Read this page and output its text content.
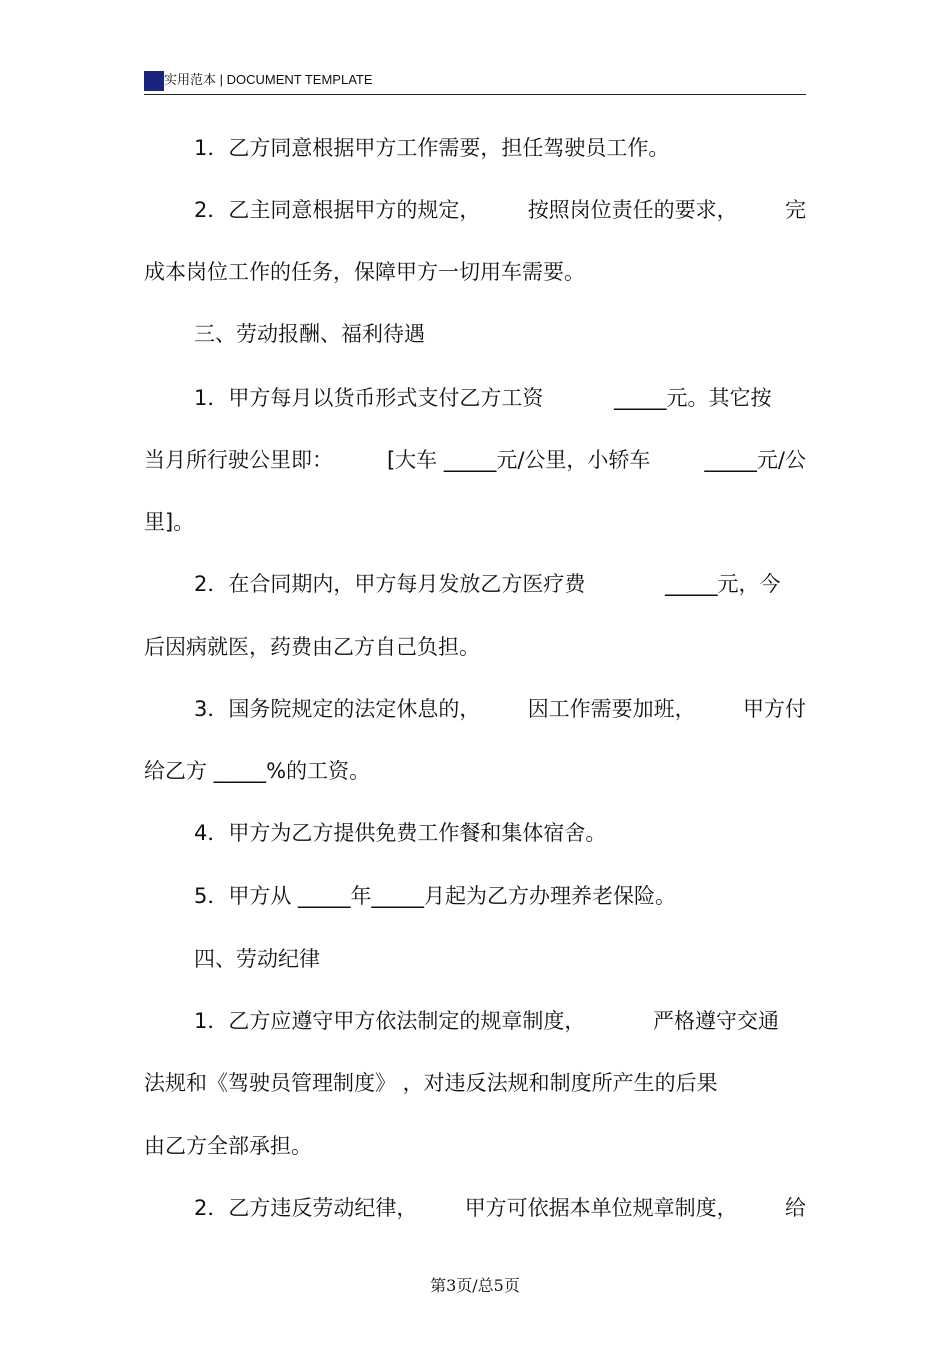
实用范本 | DOCUMENT TEMPLATE
1．乙方同意根据甲方工作需要，担任驾驶员工作。
2．乙主同意根据甲方的规定， 按照岗位责任的要求， 完
成本岗位工作的任务，保障甲方一切用车需要。
三、劳动报酬、福利待遇
1．甲方每月以货币形式支付乙方工资	_____元。其它按
当月所行驶公里即：	[大车 _____元/公里，小轿车	_____元/公
里]。
2．在合同期内，甲方每月发放乙方医疗费	_____元，今
后因病就医，药费由乙方自己负担。
3．国务院规定的法定休息的， 因工作需要加班， 甲方付
给乙方 _____%的工资。
4．甲方为乙方提供免费工作餐和集体宿舍。
5．甲方从 _____年_____月起为乙方办理养老保险。
四、劳动纪律
1．乙方应遵守甲方依法制定的规章制度，	严格遵守交通
法规和《驾驶员管理制度》 ，对违反法规和制度所产生的后果
由乙方全部承担。
2．乙方违反劳动纪律， 甲方可依据本单位规章制度， 给
第3页/总5页
